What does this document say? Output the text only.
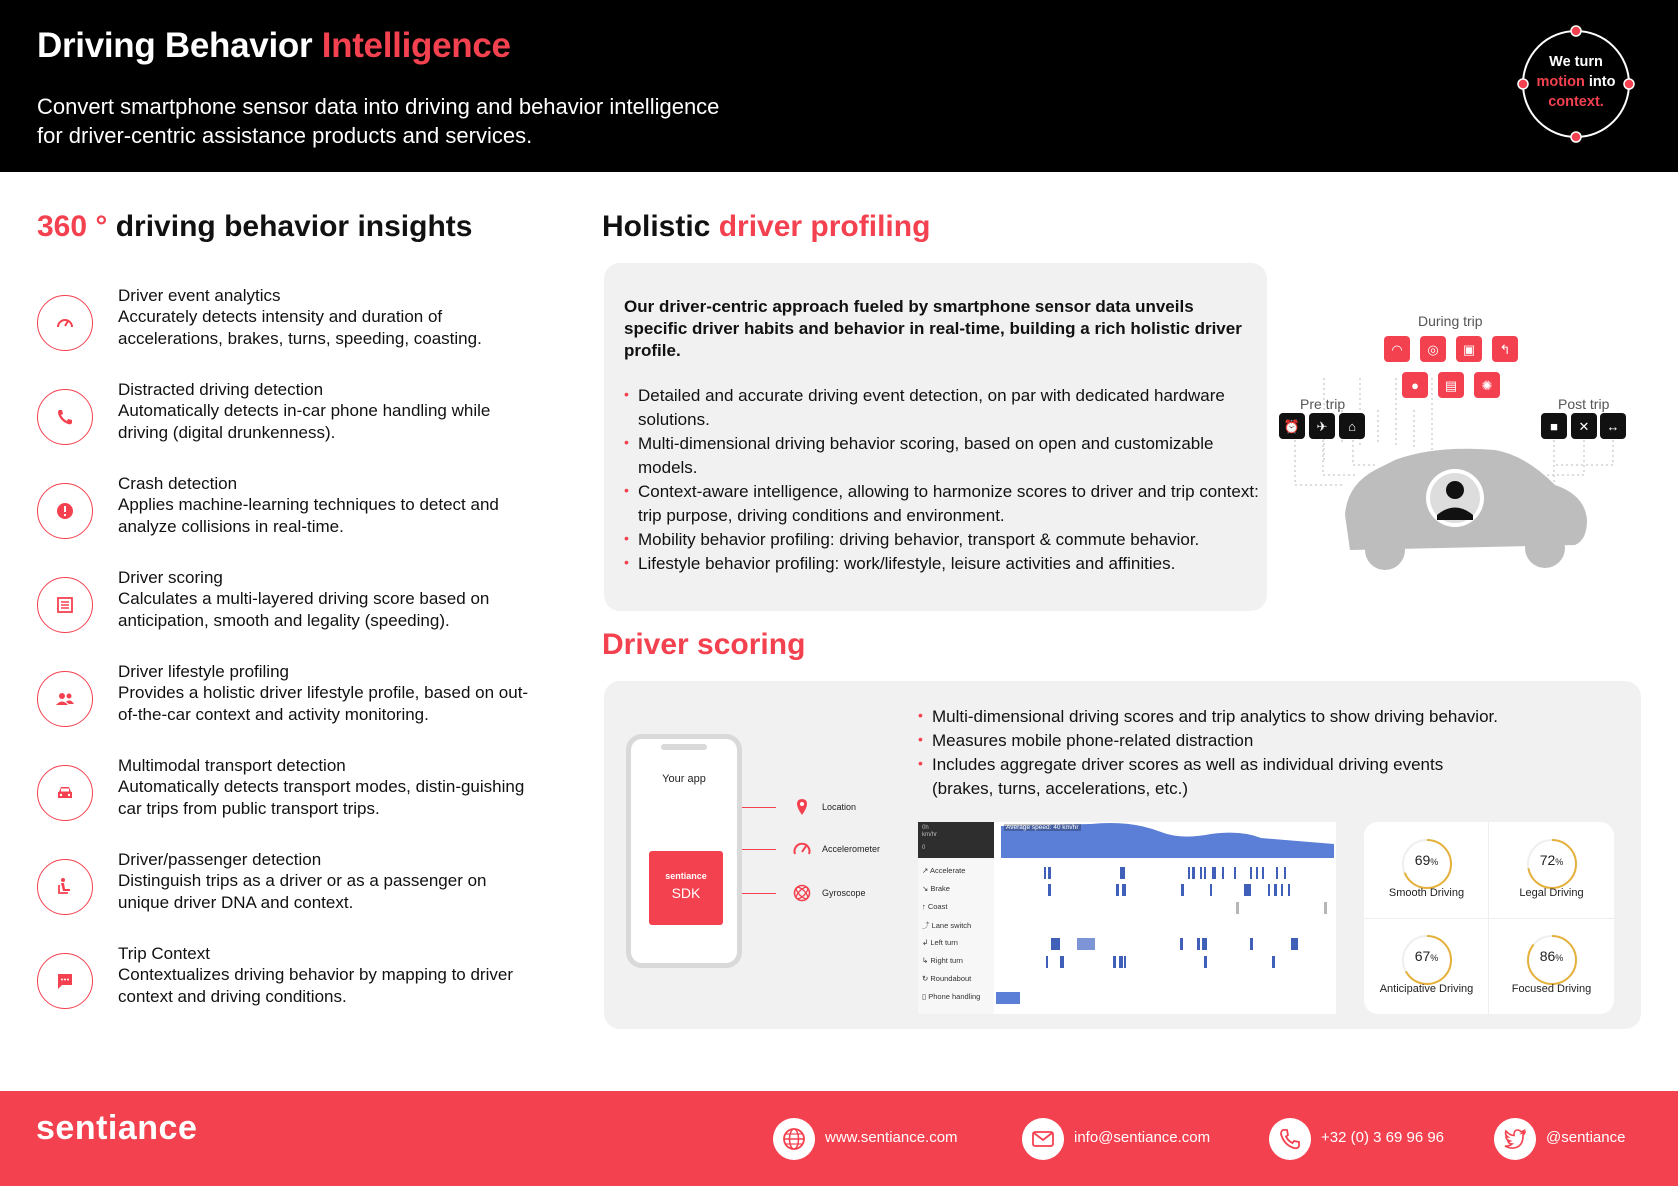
Driving Behavior Intelligence
Convert smartphone sensor data into driving and behavior intelligence
for driver-centric assistance products and services.
We turn
motion into
context.
360 ° driving behavior insights
Driver event analytics
Accurately detects intensity and duration of accelerations, brakes, turns, speeding, coasting.
Distracted driving detection
Automatically detects in-car phone handling while driving (digital drunkenness).
Crash detection
Applies machine-learning techniques to detect and analyze collisions in real-time.
Driver scoring
Calculates a multi-layered driving score based on anticipation, smooth and legality (speeding).
Driver lifestyle profiling
Provides a holistic driver lifestyle profile, based on out-of-the-car context and activity monitoring.
Multimodal transport detection
Automatically detects transport modes, distin-guishing car trips from public transport trips.
Driver/passenger detection
Distinguish trips as a driver or as a passenger on unique driver DNA and context.
Trip Context
Contextualizes driving behavior by mapping to driver context and driving conditions.
Holistic driver profiling
Our driver-centric approach fueled by smartphone sensor data unveils specific driver habits and behavior in real-time, building a rich holistic driver profile.
• Detailed and accurate driving event detection, on par with dedicated hardware solutions.
• Multi-dimensional driving behavior scoring, based on open and customizable models.
• Context-aware intelligence, allowing to harmonize scores to driver and trip context: trip purpose, driving conditions and environment.
• Mobility behavior profiling: driving behavior, transport & commute behavior.
• Lifestyle behavior profiling: work/lifestyle, leisure activities and affinities.
During trip
Pre trip	Post trip
◠	◎	▣	↰
●	▤	✺
⏰	✈	⌂	■	✕	↔
Driver scoring
• Multi-dimensional driving scores and trip analytics to show driving behavior.
• Measures mobile phone-related distraction
• Includes aggregate driver scores as well as individual driving events (brakes, turns, accelerations, etc.)
Your app
sentiance
SDK
Location
Accelerometer
Gyroscope
0h
km/hr
0
Average speed: 40 km/hr
↗ Accelerate
↘ Brake
↑ Coast
⤴ Lane switch
↲ Left turn
↳ Right turn
↻ Roundabout
▯ Phone handling
69%
Smooth Driving
72%
Legal Driving
67%
Anticipative Driving
86%
Focused Driving
sentiance	www.sentiance.com	info@sentiance.com	+32 (0) 3 69 96 96	@sentiance
